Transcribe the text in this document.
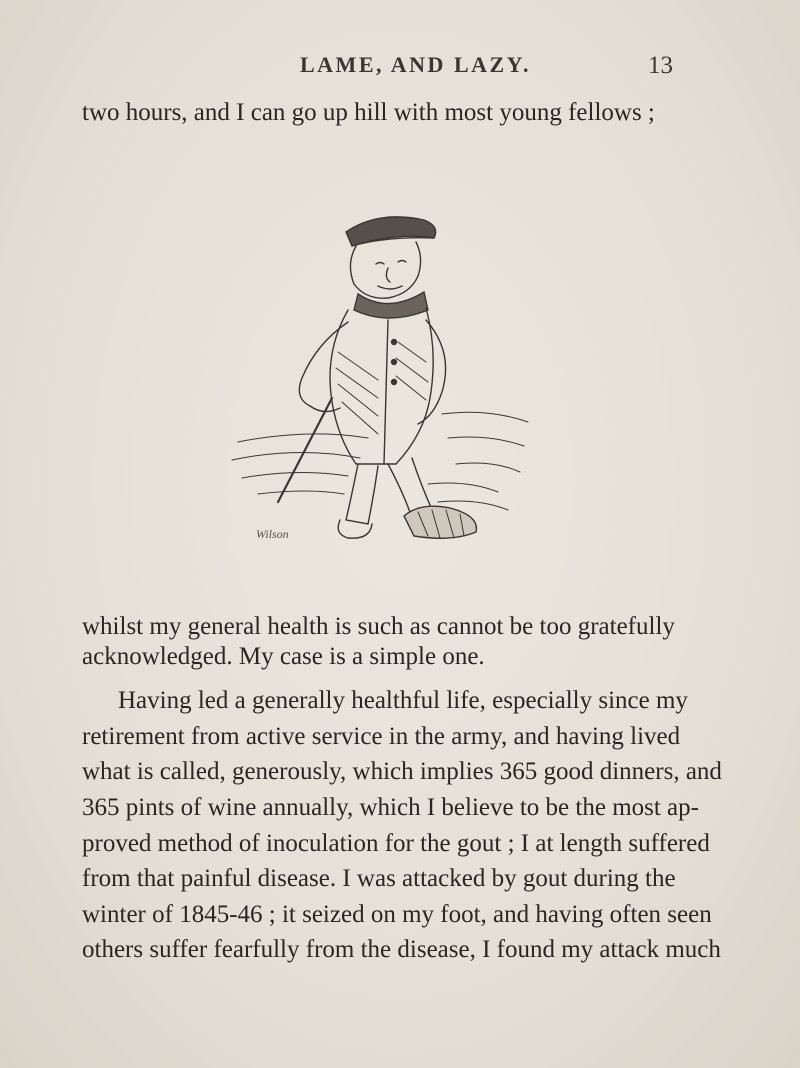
LAME, AND LAZY.	13
two hours, and I can go up hill with most young fellows ;
Wilson
whilst my general health is such as cannot be too gratefully
acknowledged. My case is a simple one.
Having led a generally healthful life, especially since my
retirement from active service in the army, and having lived
what is called, generously, which implies 365 good dinners, and
365 pints of wine annually, which I believe to be the most ap-
proved method of inoculation for the gout ; I at length suffered
from that painful disease. I was attacked by gout during the
winter of 1845-46 ; it seized on my foot, and having often seen
others suffer fearfully from the disease, I found my attack much
